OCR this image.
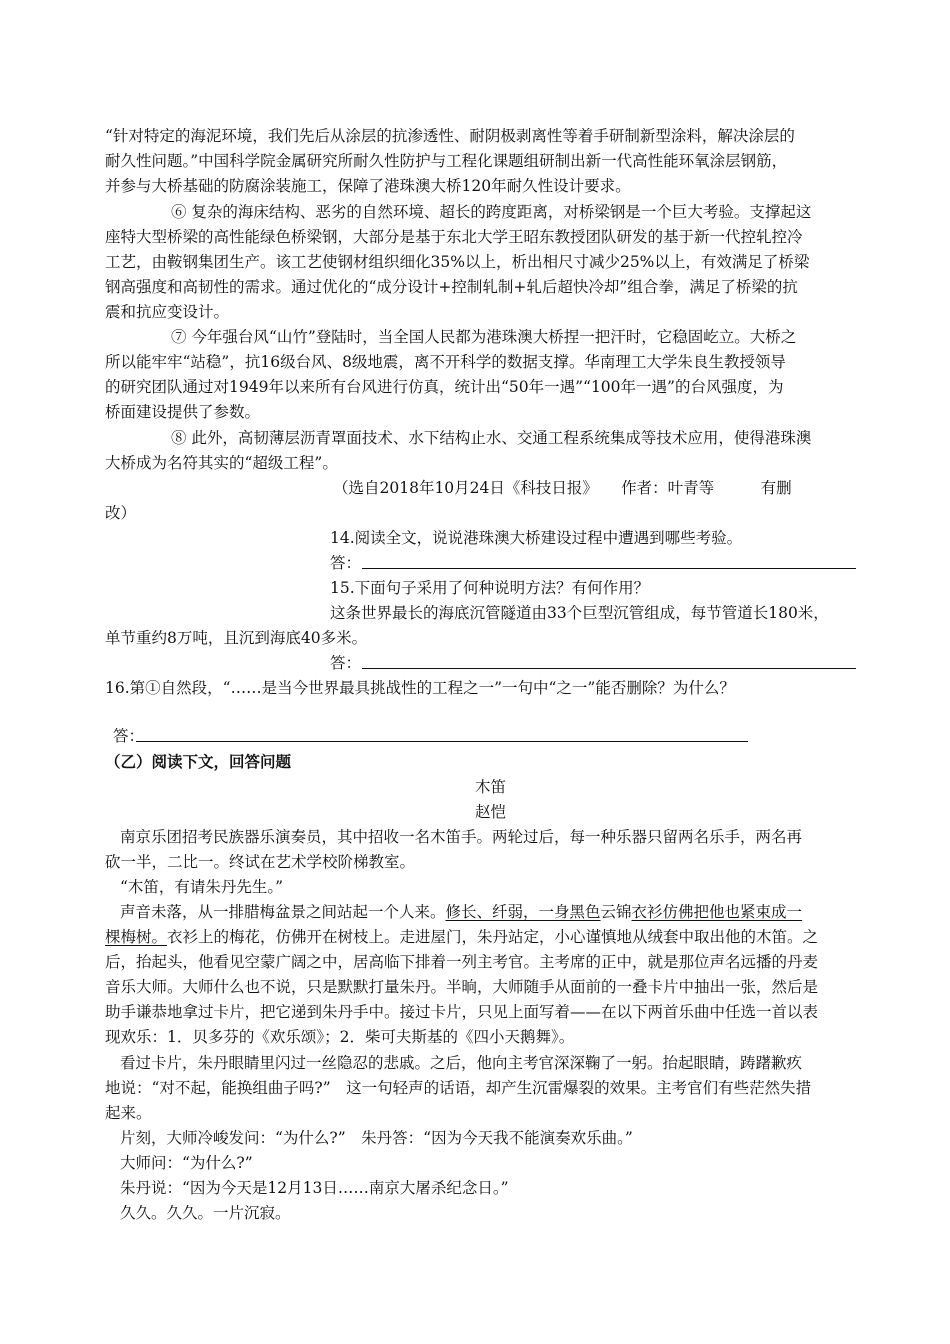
“针对特定的海泥环境，我们先后从涂层的抗渗透性、耐阴极剥离性等着手研制新型涂料，解决涂层的
耐久性问题。”中国科学院金属研究所耐久性防护与工程化课题组研制出新一代高性能环氧涂层钢筋，
并参与大桥基础的防腐涂装施工，保障了港珠澳大桥120年耐久性设计要求。
⑥ 复杂的海床结构、恶劣的自然环境、超长的跨度距离，对桥梁钢是一个巨大考验。支撑起这
座特大型桥梁的高性能绿色桥梁钢，大部分是基于东北大学王昭东教授团队研发的基于新一代控轧控冷
工艺，由鞍钢集团生产。该工艺使钢材组织细化35%以上，析出相尺寸减少25%以上，有效满足了桥梁
钢高强度和高韧性的需求。通过优化的“成分设计+控制轧制+轧后超快冷却”组合拳，满足了桥梁的抗
震和抗应变设计。
⑦ 今年强台风“山竹”登陆时，当全国人民都为港珠澳大桥捏一把汗时，它稳固屹立。大桥之
所以能牢牢“站稳”，抗16级台风、8级地震，离不开科学的数据支撑。华南理工大学朱良生教授领导
的研究团队通过对1949年以来所有台风进行仿真，统计出“50年一遇”“100年一遇”的台风强度，为
桥面建设提供了参数。
⑧ 此外，高韧薄层沥青罩面技术、水下结构止水、交通工程系统集成等技术应用，使得港珠澳
大桥成为名符其实的“超级工程”。
（选自2018年10月24日《科技日报》　　作者：叶青等　　　有删
改）
14.阅读全文，说说港珠澳大桥建设过程中遭遇到哪些考验。
答：
15.下面句子采用了何种说明方法？有何作用？
这条世界最长的海底沉管隧道由33个巨型沉管组成，每节管道长180米，
单节重约8万吨，且沉到海底40多米。
答：
16.第①自然段，“……是当今世界最具挑战性的工程之一”一句中“之一”能否删除？为什么？
答：
（乙）阅读下文，回答问题
木笛
赵恺
南京乐团招考民族器乐演奏员，其中招收一名木笛手。两轮过后，每一种乐器只留两名乐手，两名再
砍一半，二比一。终试在艺术学校阶梯教室。
“木笛，有请朱丹先生。”
声音未落，从一排腊梅盆景之间站起一个人来。修长、纤弱，一身黑色云锦衣衫仿佛把他也紧束成一
棵梅树。衣衫上的梅花，仿佛开在树枝上。走进屋门，朱丹站定，小心谨慎地从绒套中取出他的木笛。之
后，抬起头，他看见空蒙广阔之中，居高临下排着一列主考官。主考席的正中，就是那位声名远播的丹麦
音乐大师。大师什么也不说，只是默默打量朱丹。半晌，大师随手从面前的一叠卡片中抽出一张，然后是
助手谦恭地拿过卡片，把它递到朱丹手中。接过卡片，只见上面写着——在以下两首乐曲中任选一首以表
现欢乐：1．贝多芬的《欢乐颂》；2．柴可夫斯基的《四小天鹅舞》。
看过卡片，朱丹眼睛里闪过一丝隐忍的悲戚。之后，他向主考官深深鞠了一躬。抬起眼睛，踌躇歉疚
地说：“对不起，能换组曲子吗?”　这一句轻声的话语，却产生沉雷爆裂的效果。主考官们有些茫然失措
起来。
片刻，大师冷峻发问：“为什么?”　朱丹答：“因为今天我不能演奏欢乐曲。”
大师问：“为什么?”
朱丹说：“因为今天是12月13日……南京大屠杀纪念日。”
久久。久久。一片沉寂。
